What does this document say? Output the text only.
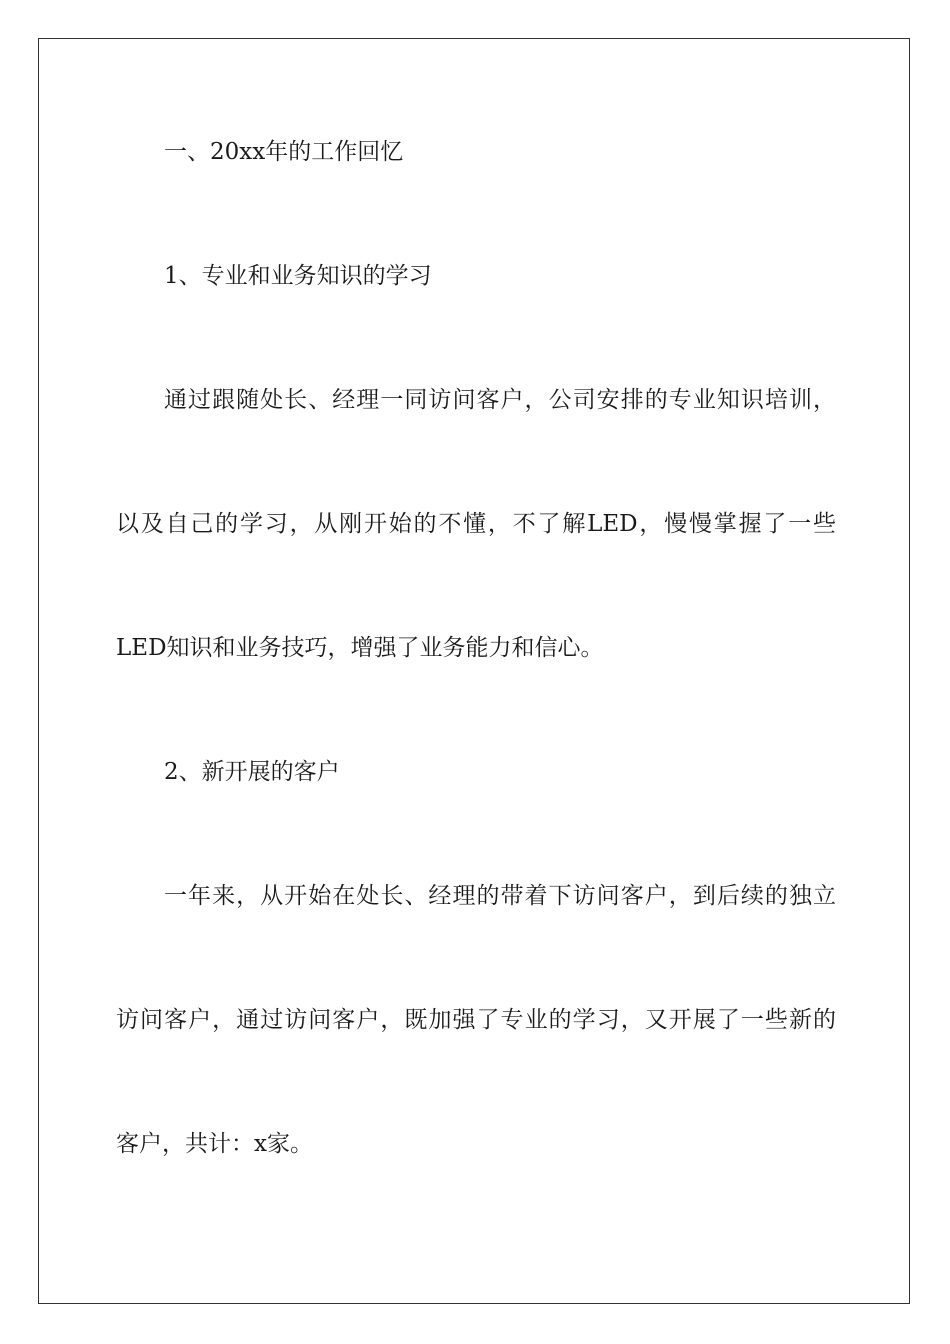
一、20xx年的工作回忆
1、专业和业务知识的学习
通过跟随处长、经理一同访问客户，公司安排的专业知识培训，
以及自己的学习，从刚开始的不懂，不了解LED，慢慢掌握了一些
LED知识和业务技巧，增强了业务能力和信心。
2、新开展的客户
一年来，从开始在处长、经理的带着下访问客户，到后续的独立
访问客户，通过访问客户，既加强了专业的学习，又开展了一些新的
客户，共计：x家。
